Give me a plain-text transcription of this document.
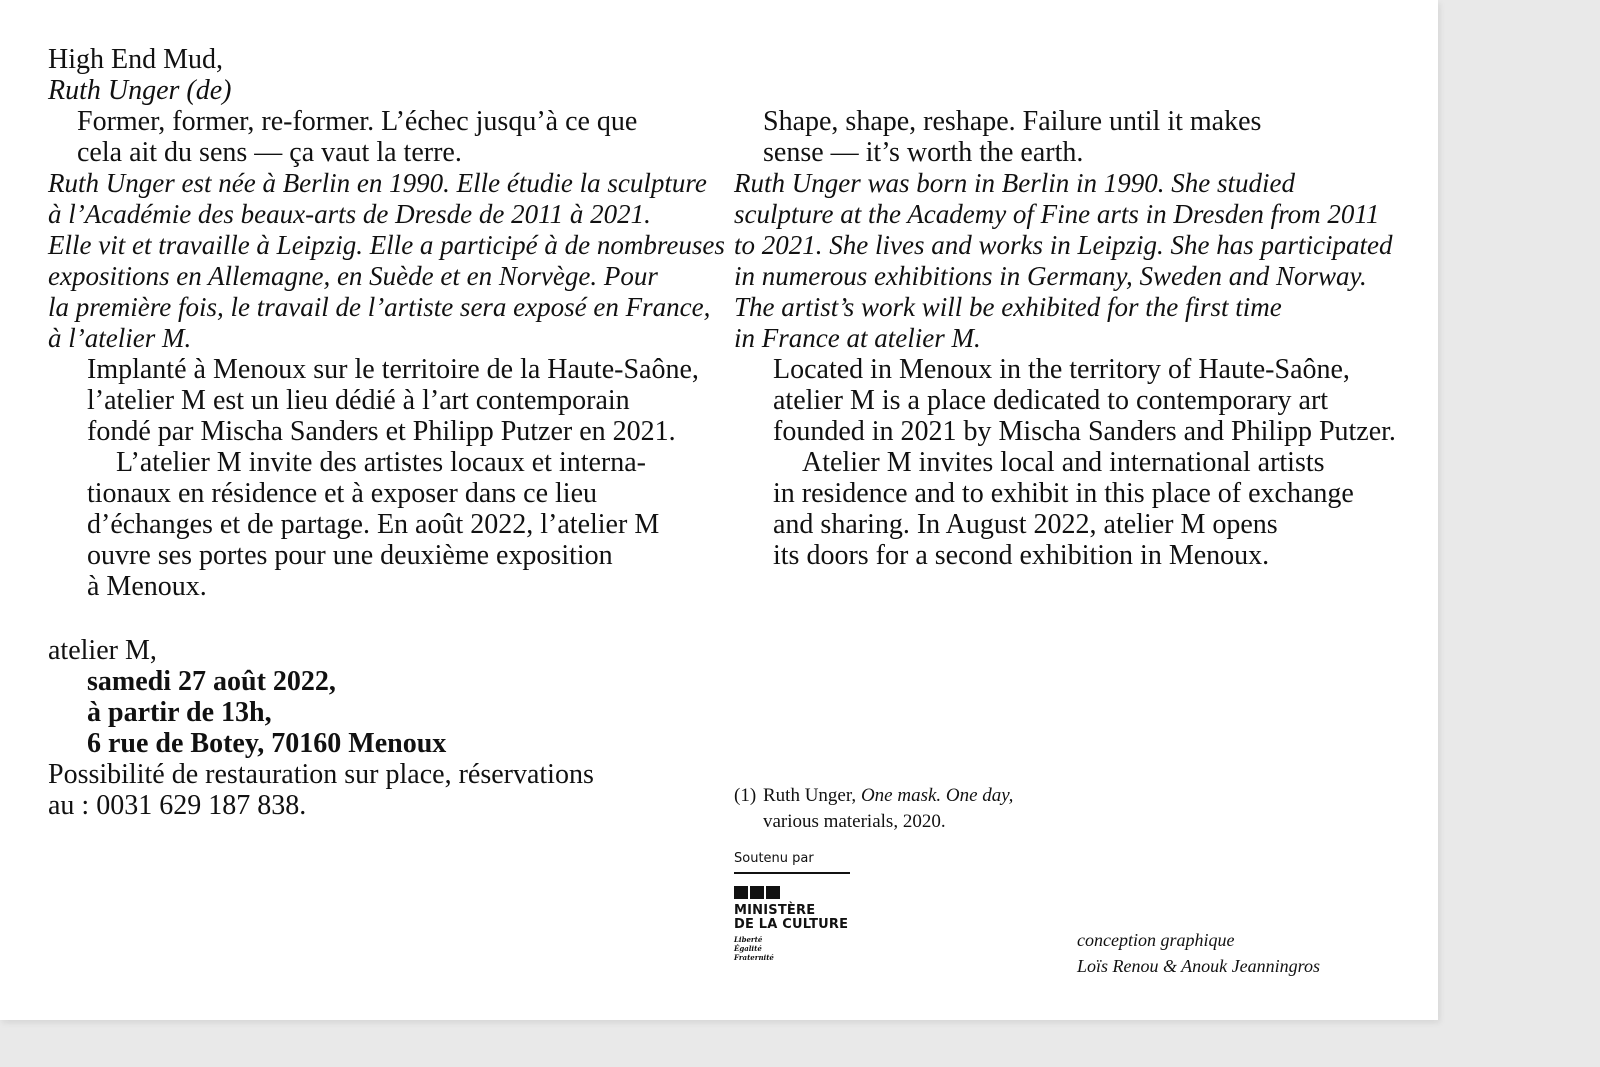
High End Mud,

Ruth Unger (de)

Former, former, re-former. L’échec jusqu’à ce que

cela ait du sens — ça vaut la terre.

Ruth Unger est née à Berlin en 1990. Elle étudie la sculpture

à l’Académie des beaux-arts de Dresde de 2011 à 2021.

Elle vit et travaille à Leipzig. Elle a participé à de nombreuses

expositions en Allemagne, en Suède et en Norvège. Pour

la première fois, le travail de l’artiste sera exposé en France,

à l’atelier M.

Implanté à Menoux sur le territoire de la Haute-Saône,

l’atelier M est un lieu dédié à l’art contemporain

fondé par Mischa Sanders et Philipp Putzer en 2021.

L’atelier M invite des artistes locaux et interna-

tionaux en résidence et à exposer dans ce lieu

d’échanges et de partage. En août 2022, l’atelier M

ouvre ses portes pour une deuxième exposition

à Menoux.

atelier M,

samedi 27 août 2022,

à partir de 13h,

6 rue de Botey, 70160 Menoux

Possibilité de restauration sur place, réservations

au : 0031 629 187 838.

Shape, shape, reshape. Failure until it makes

sense — it’s worth the earth.

Ruth Unger was born in Berlin in 1990. She studied

sculpture at the Academy of Fine arts in Dresden from 2011

to 2021. She lives and works in Leipzig. She has participated

in numerous exhibitions in Germany, Sweden and Norway.

The artist’s work will be exhibited for the first time

in France at atelier M.

Located in Menoux in the territory of Haute-Saône,

atelier M is a place dedicated to contemporary art

founded in 2021 by Mischa Sanders and Philipp Putzer.

Atelier M invites local and international artists

in residence and to exhibit in this place of exchange

and sharing. In August 2022, atelier M opens

its doors for a second exhibition in Menoux.

(1) Ruth Unger, One mask. One day,
various materials, 2020.
Soutenu par
MINISTÈRE
DE LA CULTURE
Liberté
Égalité
Fraternité
conception graphique
Loïs Renou & Anouk Jeanningros
